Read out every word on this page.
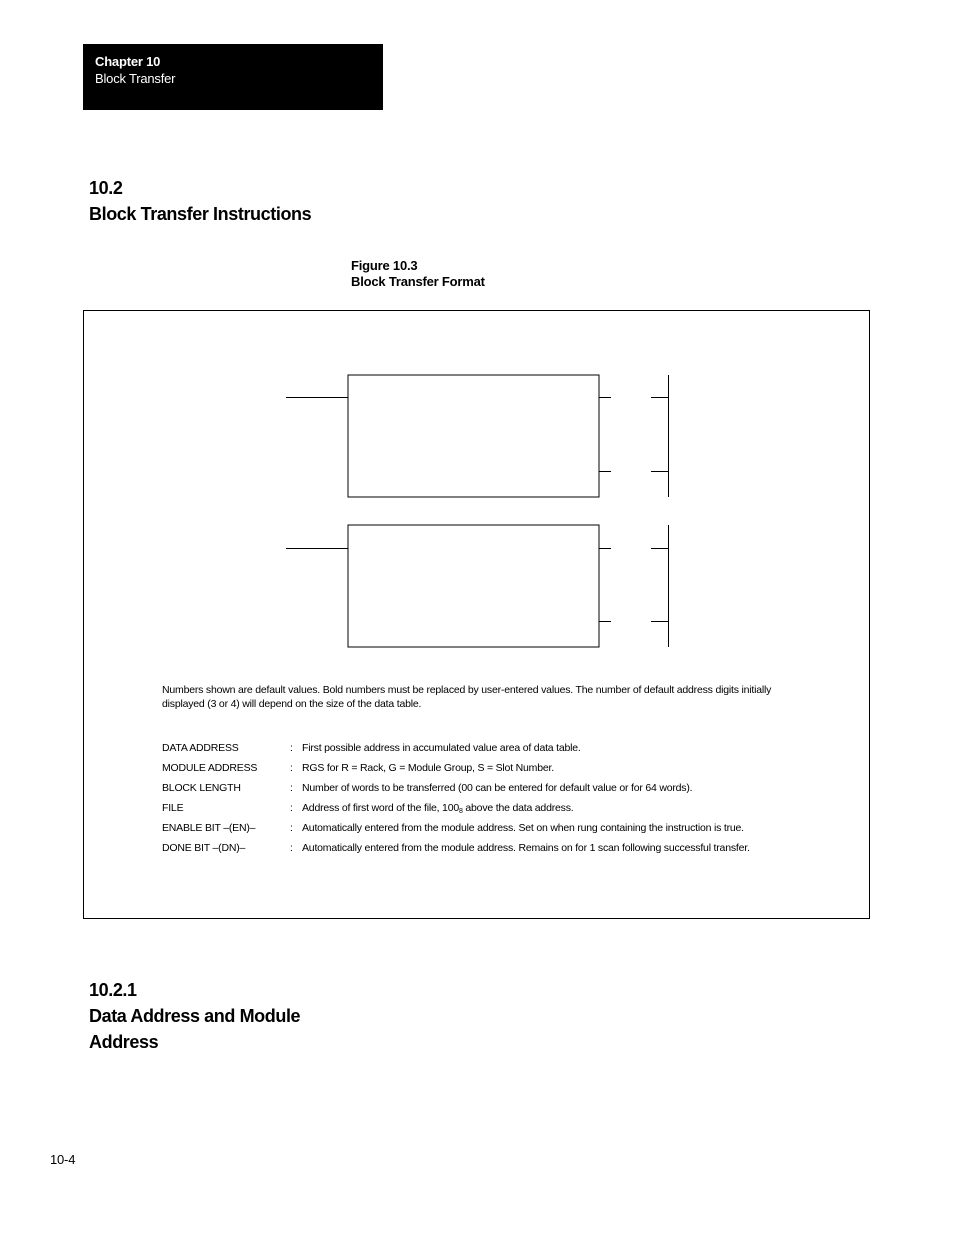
Chapter 10
Block Transfer
10.2
Block Transfer Instructions
Figure 10.3
Block Transfer Format
Numbers shown are default values. Bold numbers must be replaced by user-entered values. The number of default address digits initially displayed (3 or 4) will depend on the size of the data table.
DATA ADDRESS	: First possible address in accumulated value area of data table.
MODULE ADDRESS	: RGS for R = Rack, G = Module Group, S = Slot Number.
BLOCK LENGTH	: Number of words to be transferred (00 can be entered for default value or for 64 words).
FILE	: Address of first word of the file, $100_8$ above the data address.
ENABLE BIT –(EN)–	: Automatically entered from the module address. Set on when rung containing the instruction is true.
DONE BIT –(DN)–	: Automatically entered from the module address. Remains on for 1 scan following successful transfer.
10.2.1
Data Address and Module
Address
10-4
